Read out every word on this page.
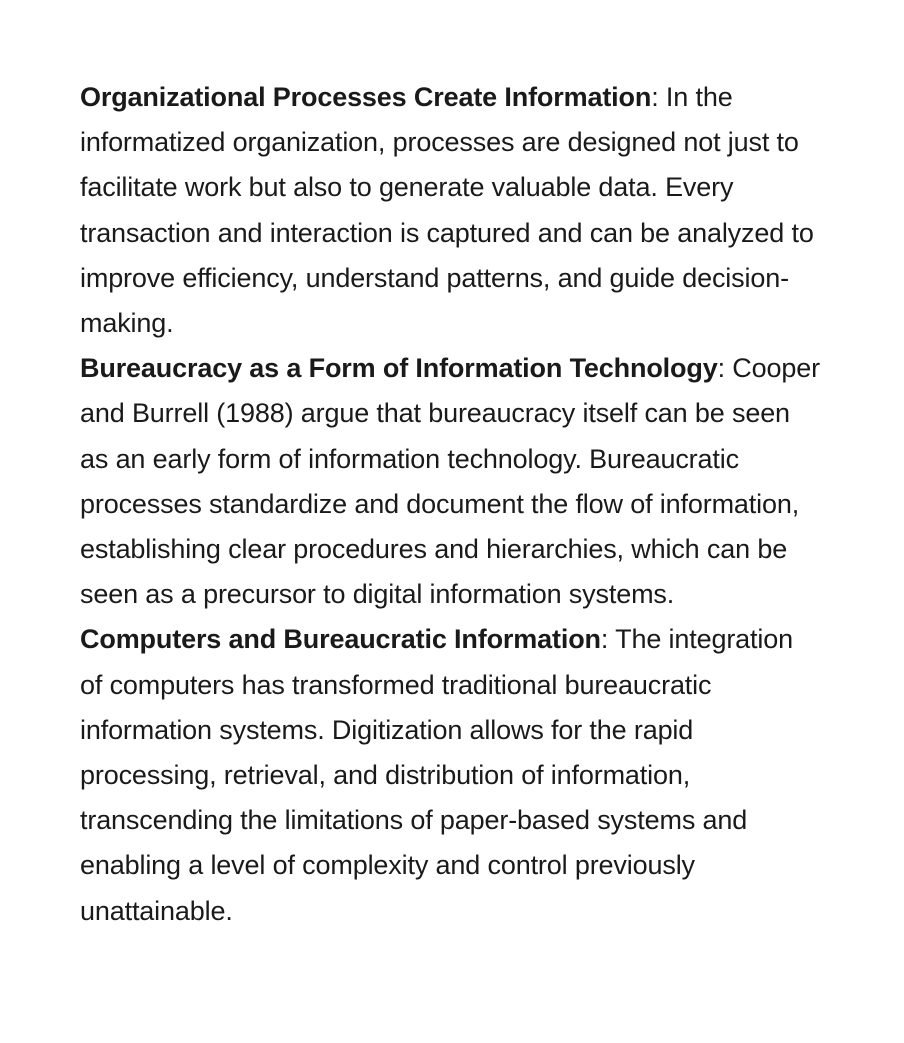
Organizational Processes Create Information: In the informatized organization, processes are designed not just to facilitate work but also to generate valuable data. Every transaction and interaction is captured and can be analyzed to improve efficiency, understand patterns, and guide decision-making.

Bureaucracy as a Form of Information Technology: Cooper and Burrell (1988) argue that bureaucracy itself can be seen as an early form of information technology. Bureaucratic processes standardize and document the flow of information, establishing clear procedures and hierarchies, which can be seen as a precursor to digital information systems.

Computers and Bureaucratic Information: The integration of computers has transformed traditional bureaucratic information systems. Digitization allows for the rapid processing, retrieval, and distribution of information, transcending the limitations of paper-based systems and enabling a level of complexity and control previously unattainable.
